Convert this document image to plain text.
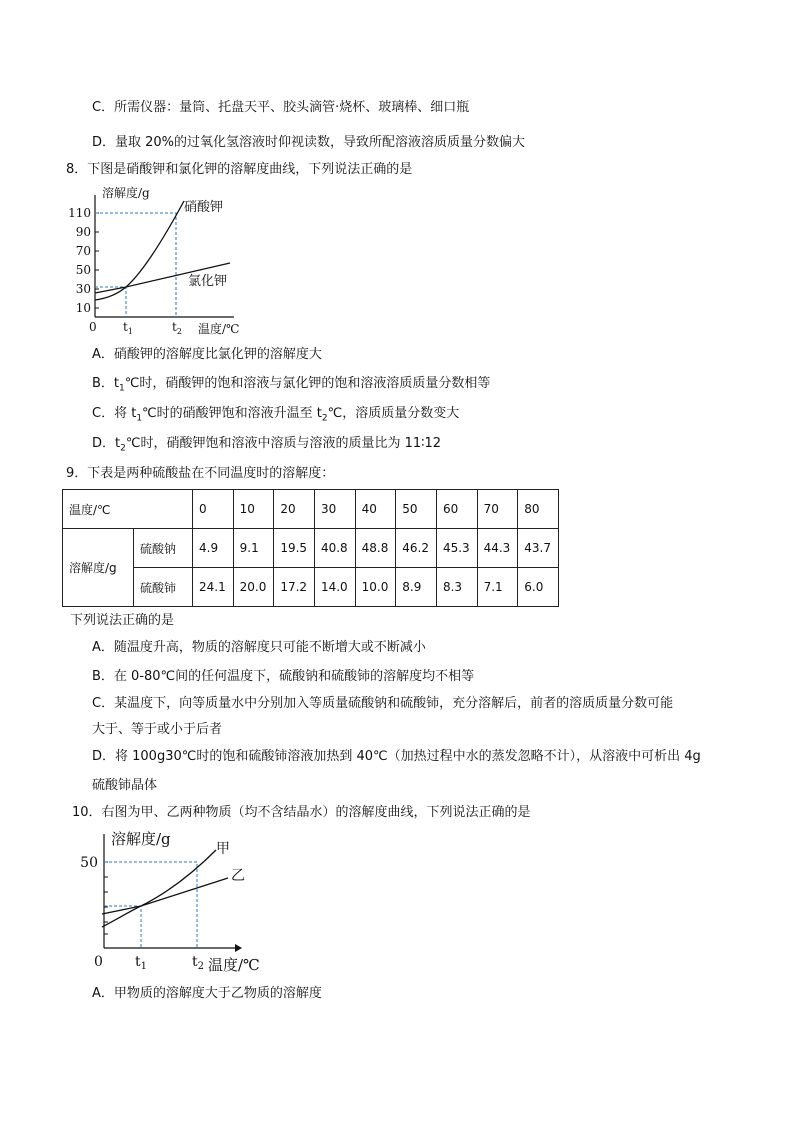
C．所需仪器：量筒、托盘天平、胶头滴管·烧杯、玻璃棒、细口瓶
D．量取 20%的过氧化氢溶液时仰视读数，导致所配溶液溶质质量分数偏大
8．下图是硝酸钾和氯化钾的溶解度曲线，下列说法正确的是
10
30
50
70
90
110
溶解度/g
0 $t_1$	$t_2$ 温度/℃
硝酸钾
氯化钾
A．硝酸钾的溶解度比氯化钾的溶解度大
B．$t_1℃$时，硝酸钾的饱和溶液与氯化钾的饱和溶液溶质质量分数相等
C．将 $t_1℃$时的硝酸钾饱和溶液升温至 $t_2℃$，溶质质量分数变大
D．$t_2℃$时，硝酸钾饱和溶液中溶质与溶液的质量比为 11∶12
9．下表是两种硫酸盐在不同温度时的溶解度：
温度/℃		0	10	20	30	40	50	60	70	80
溶解度/g	硫酸钠	4.9	9.1	19.5	40.8	48.8	46.2	45.3	44.3	43.7
	硫酸铈	24.1	20.0	17.2	14.0	10.0	8.9	8.3	7.1	6.0
下列说法正确的是
A．随温度升高，物质的溶解度只可能不断增大或不断减小
B．在 0-80℃间的任何温度下，硫酸钠和硫酸铈的溶解度均不相等
C．某温度下，向等质量水中分别加入等质量硫酸钠和硫酸铈，充分溶解后，前者的溶质质量分数可能
大于、等于或小于后者
D．将 100g30℃时的饱和硫酸铈溶液加热到 40℃（加热过程中水的蒸发忽略不计），从溶液中可析出 4g
硫酸铈晶体
10．右图为甲、乙两种物质（均不含结晶水）的溶解度曲线，下列说法正确的是
50
溶解度/g
0 $t_1$	$t_2$ 温度/℃
甲
乙
A．甲物质的溶解度大于乙物质的溶解度
